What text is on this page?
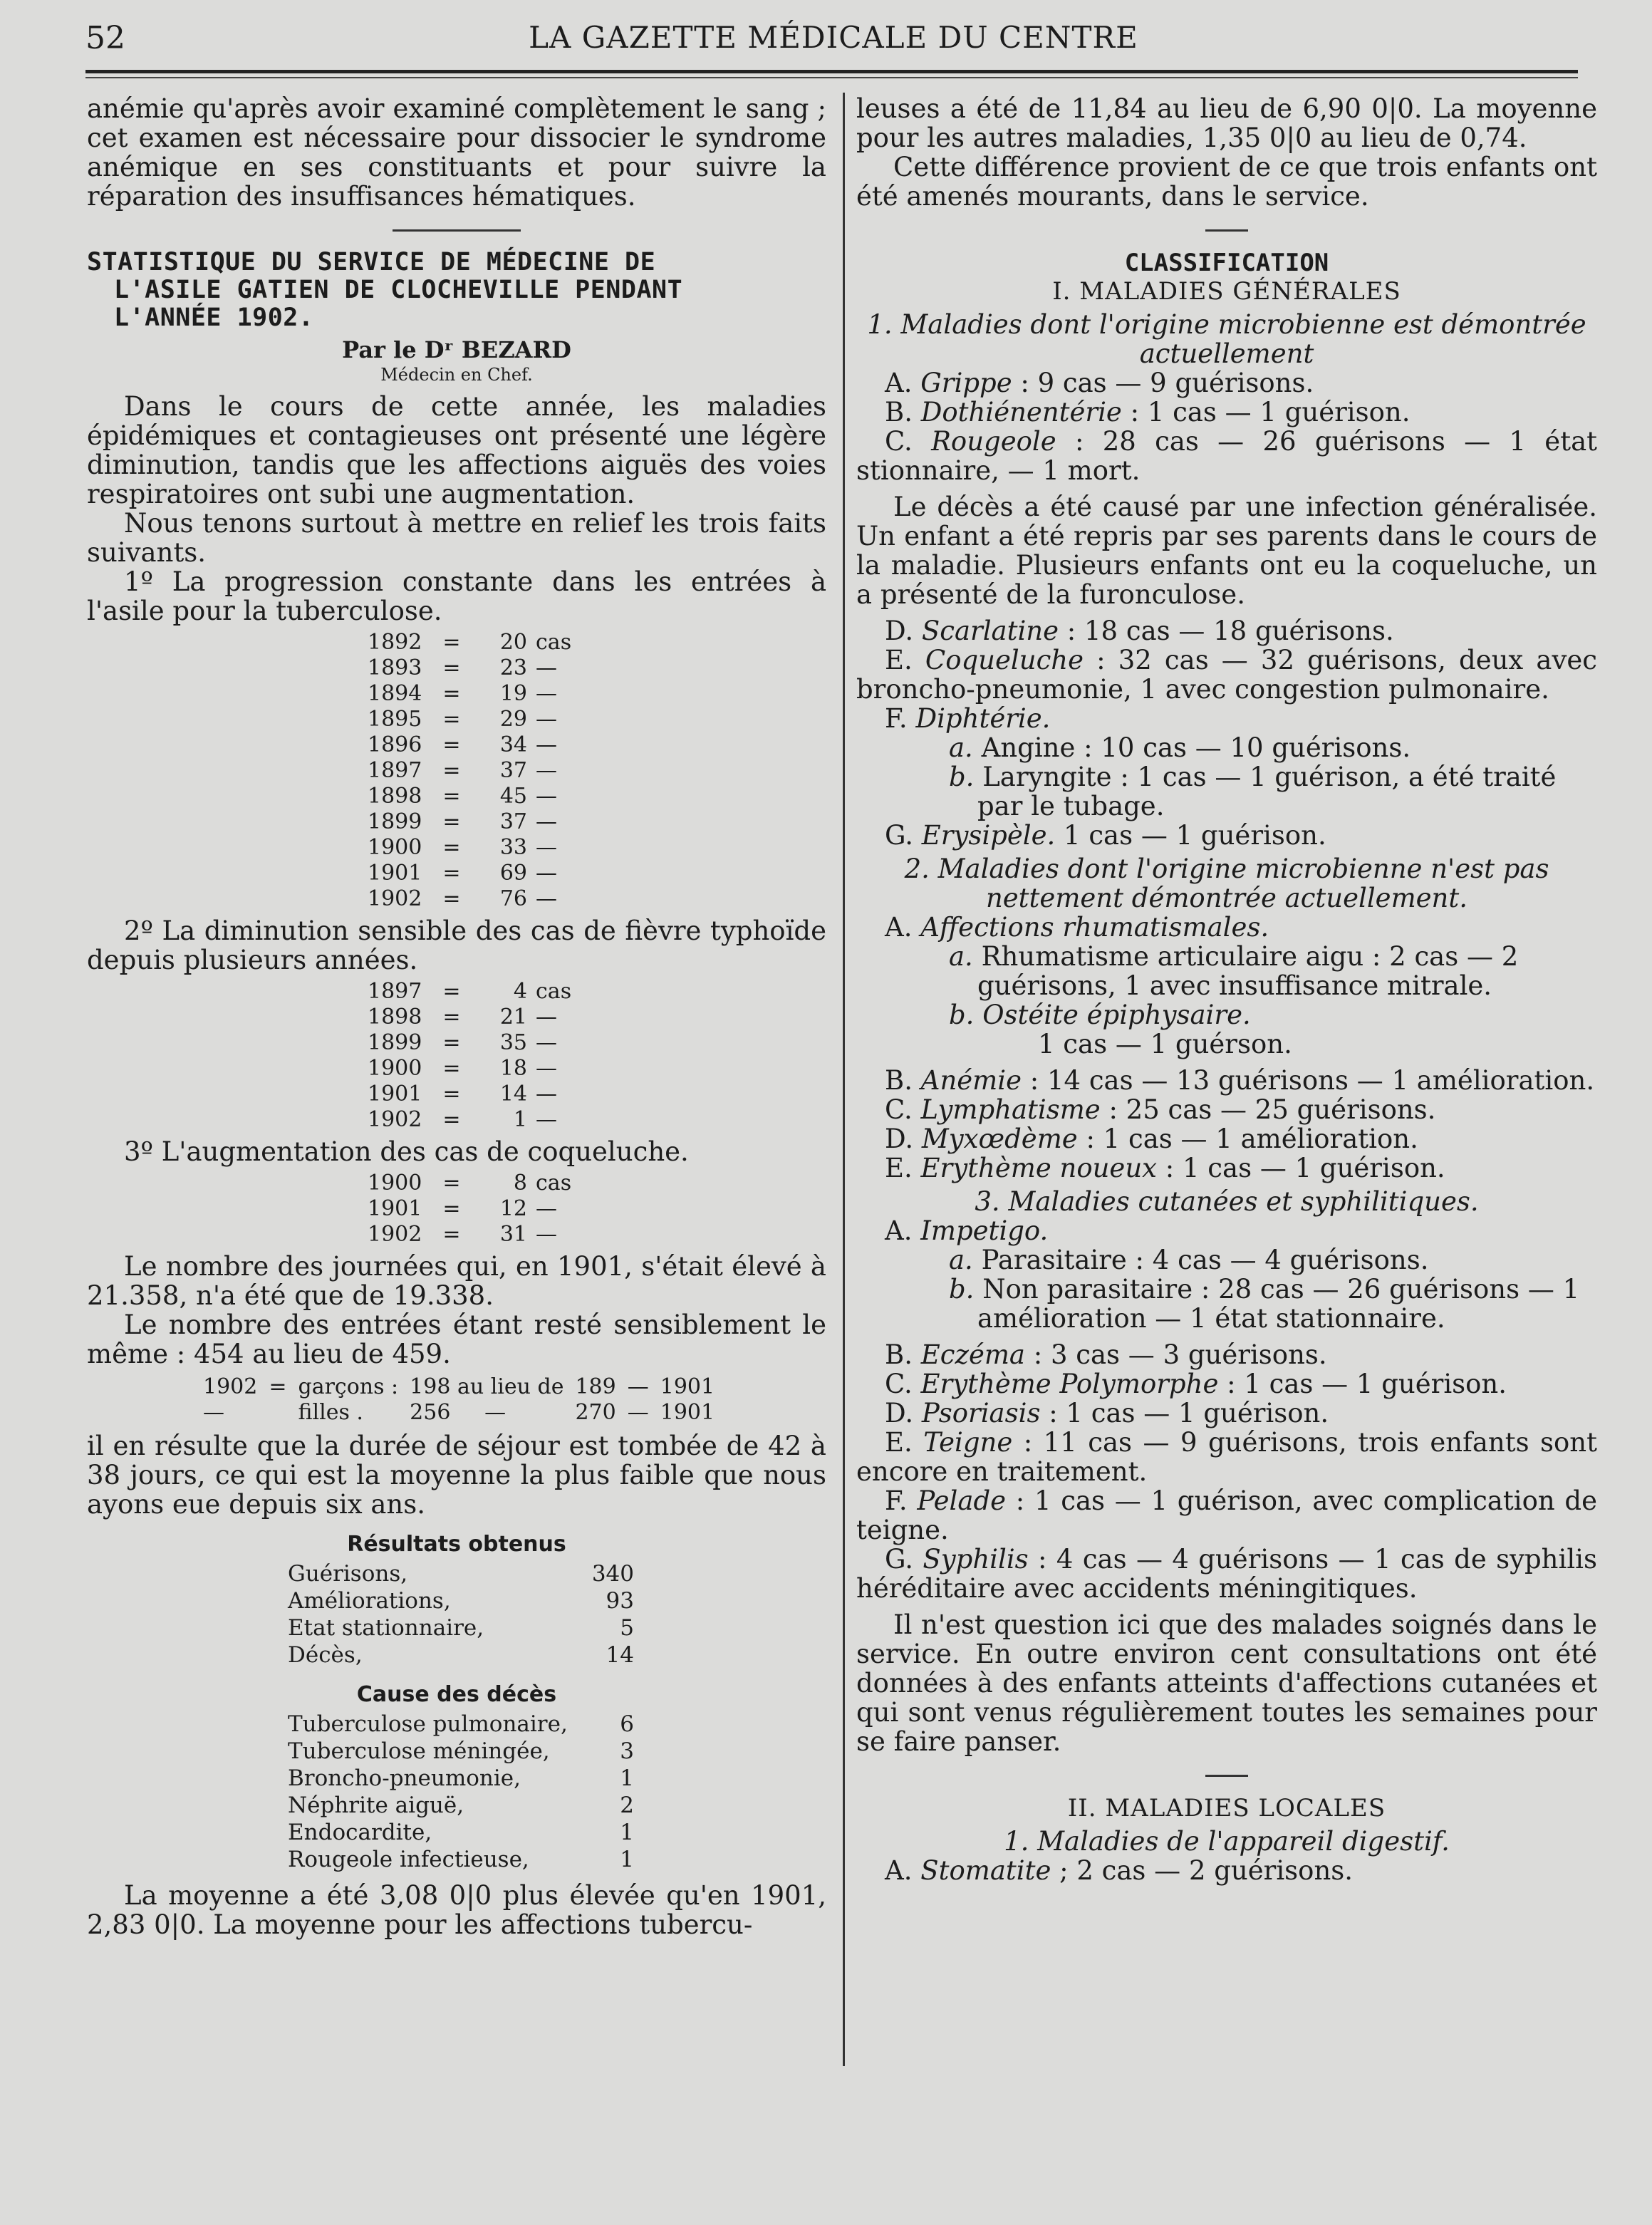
52	LA GAZETTE MÉDICALE DU CENTRE

anémie qu'après avoir examiné complètement le sang ; cet examen est nécessaire pour dissocier le syndrome anémique en ses constituants et pour suivre la réparation des insuffisances hématiques.

STATISTIQUE DU SERVICE DE MÉDECINE DE
L'ASILE GATIEN DE CLOCHEVILLE PENDANT
L'ANNÉE 1902.
Par le Dʳ BEZARD
Médecin en Chef.

Dans le cours de cette année, les maladies épidémiques et contagieuses ont présenté une légère diminution, tandis que les affections aiguës des voies respiratoires ont subi une augmentation.

Nous tenons surtout à mettre en relief les trois faits suivants.

1º La progression constante dans les entrées à l'asile pour la tuberculose.

1892	=	20	cas
1893	=	23	—
1894	=	19	—
1895	=	29	—
1896	=	34	—
1897	=	37	—
1898	=	45	—
1899	=	37	—
1900	=	33	—
1901	=	69	—
1902	=	76	—

2º La diminution sensible des cas de fièvre typhoïde depuis plusieurs années.

1897	=	4	cas
1898	=	21	—
1899	=	35	—
1900	=	18	—
1901	=	14	—
1902	=	1	—

3º L'augmentation des cas de coqueluche.

1900	=	8	cas
1901	=	12	—
1902	=	31	—

Le nombre des journées qui, en 1901, s'était élevé à 21.358, n'a été que de 19.338.

Le nombre des entrées étant resté sensiblement le même : 454 au lieu de 459.

1902	=	garçons :	198 au lieu de	189	—	1901
—		filles .	256 —	270	—	1901

il en résulte que la durée de séjour est tombée de 42 à 38 jours, ce qui est la moyenne la plus faible que nous ayons eue depuis six ans.

Résultats obtenus
Guérisons,	340
Améliorations,	93
Etat stationnaire,	5
Décès,	14
Cause des décès
Tuberculose pulmonaire,	6
Tuberculose méningée,	3
Broncho-pneumonie,	1
Néphrite aiguë,	2
Endocardite,	1
Rougeole infectieuse,	1

La moyenne a été 3,08 0|0 plus élevée qu'en 1901, 2,83 0|0. La moyenne pour les affections tubercu-

leuses a été de 11,84 au lieu de 6,90 0|0. La moyenne pour les autres maladies, 1,35 0|0 au lieu de 0,74.

Cette différence provient de ce que trois enfants ont été amenés mourants, dans le service.

CLASSIFICATION
I. MALADIES GÉNÉRALES
1. Maladies dont l'origine microbienne est démontrée actuellement
A. Grippe : 9 cas — 9 guérisons.
B. Dothiénentérie : 1 cas — 1 guérison.
C. Rougeole : 28 cas — 26 guérisons — 1 état stionnaire, — 1 mort.

Le décès a été causé par une infection généralisée. Un enfant a été repris par ses parents dans le cours de la maladie. Plusieurs enfants ont eu la coqueluche, un a présenté de la furonculose.

D. Scarlatine : 18 cas — 18 guérisons.
E. Coqueluche : 32 cas — 32 guérisons, deux avec broncho-pneumonie, 1 avec congestion pulmonaire.
F. Diphtérie.
a. Angine : 10 cas — 10 guérisons.
b. Laryngite : 1 cas — 1 guérison, a été traité par le tubage.
G. Erysipèle. 1 cas — 1 guérison.
2. Maladies dont l'origine microbienne n'est pas nettement démontrée actuellement.
A. Affections rhumatismales.
a. Rhumatisme articulaire aigu : 2 cas — 2 guérisons, 1 avec insuffisance mitrale.
b. Ostéite épiphysaire.
1 cas — 1 guérson.
B. Anémie : 14 cas — 13 guérisons — 1 amélioration.
C. Lymphatisme : 25 cas — 25 guérisons.
D. Myxœdème : 1 cas — 1 amélioration.
E. Erythème noueux : 1 cas — 1 guérison.
3. Maladies cutanées et syphilitiques.
A. Impetigo.
a. Parasitaire : 4 cas — 4 guérisons.
b. Non parasitaire : 28 cas — 26 guérisons — 1 amélioration — 1 état stationnaire.
B. Eczéma : 3 cas — 3 guérisons.
C. Erythème Polymorphe : 1 cas — 1 guérison.
D. Psoriasis : 1 cas — 1 guérison.
E. Teigne : 11 cas — 9 guérisons, trois enfants sont encore en traitement.
F. Pelade : 1 cas — 1 guérison, avec complication de teigne.
G. Syphilis : 4 cas — 4 guérisons — 1 cas de syphilis héréditaire avec accidents méningitiques.

Il n'est question ici que des malades soignés dans le service. En outre environ cent consultations ont été données à des enfants atteints d'affections cutanées et qui sont venus régulièrement toutes les semaines pour se faire panser.

II. MALADIES LOCALES
1. Maladies de l'appareil digestif.
A. Stomatite ; 2 cas — 2 guérisons.
